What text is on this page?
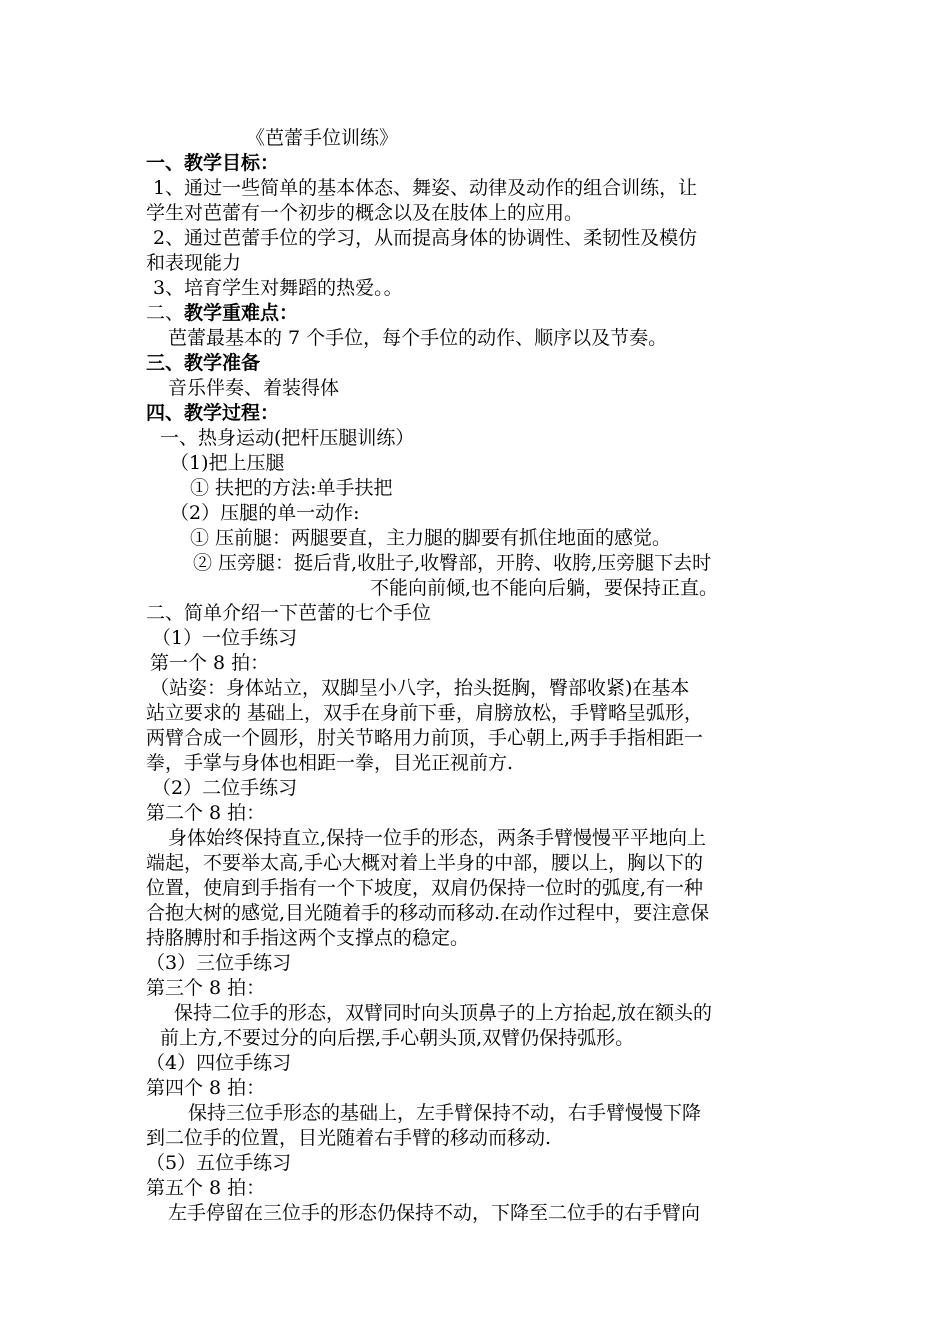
《芭蕾手位训练》

一、教学目标：

1、通过一些简单的基本体态、舞姿、动律及动作的组合训练，让

学生对芭蕾有一个初步的概念以及在肢体上的应用。

2、通过芭蕾手位的学习，从而提高身体的协调性、柔韧性及模仿

和表现能力

3、培育学生对舞蹈的热爱。。

二、教学重难点：

芭蕾最基本的 7 个手位，每个手位的动作、顺序以及节奏。

三、教学准备

音乐伴奏、着装得体

四、教学过程：

一、热身运动(把杆压腿训练）

（1)把上压腿

① 扶把的方法:单手扶把

（2）压腿的单一动作:

① 压前腿：两腿要直，主力腿的脚要有抓住地面的感觉。

② 压旁腿：挺后背,收肚子,收臀部，开胯、收胯,压旁腿下去时

不能向前倾,也不能向后躺，要保持正直。

二、简单介绍一下芭蕾的七个手位

（1）一位手练习

第一个 8 拍：

（站姿：身体站立，双脚呈小八字，抬头挺胸，臀部收紧)在基本

站立要求的 基础上，双手在身前下垂，肩膀放松，手臂略呈弧形，

两臂合成一个圆形，肘关节略用力前顶，手心朝上,两手手指相距一

拳，手掌与身体也相距一拳，目光正视前方.

（2）二位手练习

第二个 8 拍：

身体始终保持直立,保持一位手的形态，两条手臂慢慢平平地向上

端起，不要举太高,手心大概对着上半身的中部，腰以上，胸以下的

位置，使肩到手指有一个下坡度，双肩仍保持一位时的弧度,有一种

合抱大树的感觉,目光随着手的移动而移动.在动作过程中，要注意保

持胳膊肘和手指这两个支撑点的稳定。

（3）三位手练习

第三个 8 拍：

保持二位手的形态，双臂同时向头顶鼻子的上方抬起,放在额头的

前上方,不要过分的向后摆,手心朝头顶,双臂仍保持弧形。

（4）四位手练习

第四个 8 拍：

保持三位手形态的基础上，左手臂保持不动，右手臂慢慢下降

到二位手的位置，目光随着右手臂的移动而移动.

（5）五位手练习

第五个 8 拍：

左手停留在三位手的形态仍保持不动，下降至二位手的右手臂向
